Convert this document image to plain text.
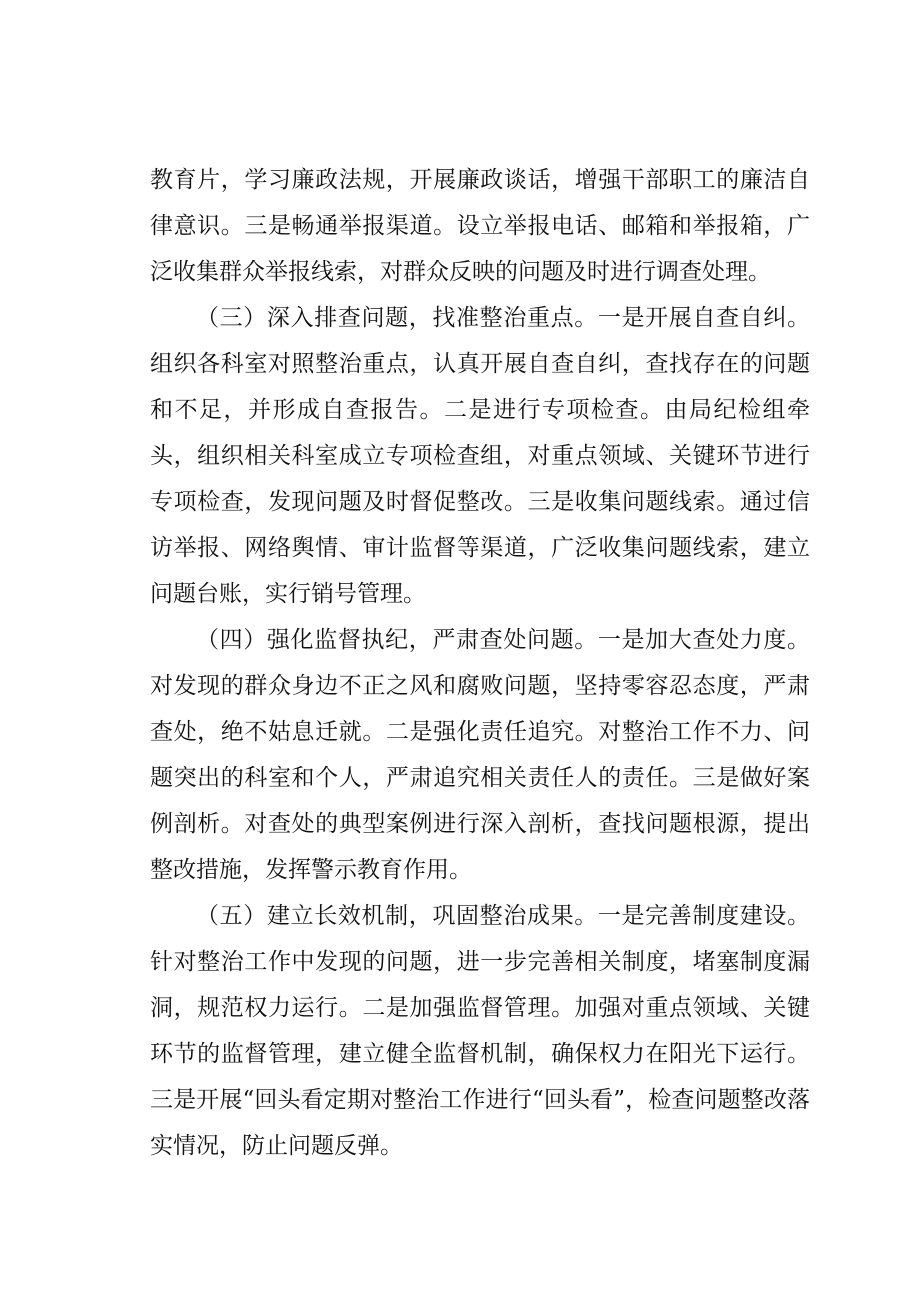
教育片，学习廉政法规，开展廉政谈话，增强干部职工的廉洁自律意识。三是畅通举报渠道。设立举报电话、邮箱和举报箱，广泛收集群众举报线索，对群众反映的问题及时进行调查处理。

（三）深入排查问题，找准整治重点。一是开展自查自纠。组织各科室对照整治重点，认真开展自查自纠，查找存在的问题和不足，并形成自查报告。二是进行专项检查。由局纪检组牵头，组织相关科室成立专项检查组，对重点领域、关键环节进行专项检查，发现问题及时督促整改。三是收集问题线索。通过信访举报、网络舆情、审计监督等渠道，广泛收集问题线索，建立问题台账，实行销号管理。

（四）强化监督执纪，严肃查处问题。一是加大查处力度。对发现的群众身边不正之风和腐败问题，坚持零容忍态度，严肃查处，绝不姑息迁就。二是强化责任追究。对整治工作不力、问题突出的科室和个人，严肃追究相关责任人的责任。三是做好案例剖析。对查处的典型案例进行深入剖析，查找问题根源，提出整改措施，发挥警示教育作用。

（五）建立长效机制，巩固整治成果。一是完善制度建设。针对整治工作中发现的问题，进一步完善相关制度，堵塞制度漏洞，规范权力运行。二是加强监督管理。加强对重点领域、关键环节的监督管理，建立健全监督机制，确保权力在阳光下运行。三是开展“回头看定期对整治工作进行“回头看”，检查问题整改落实情况，防止问题反弹。
